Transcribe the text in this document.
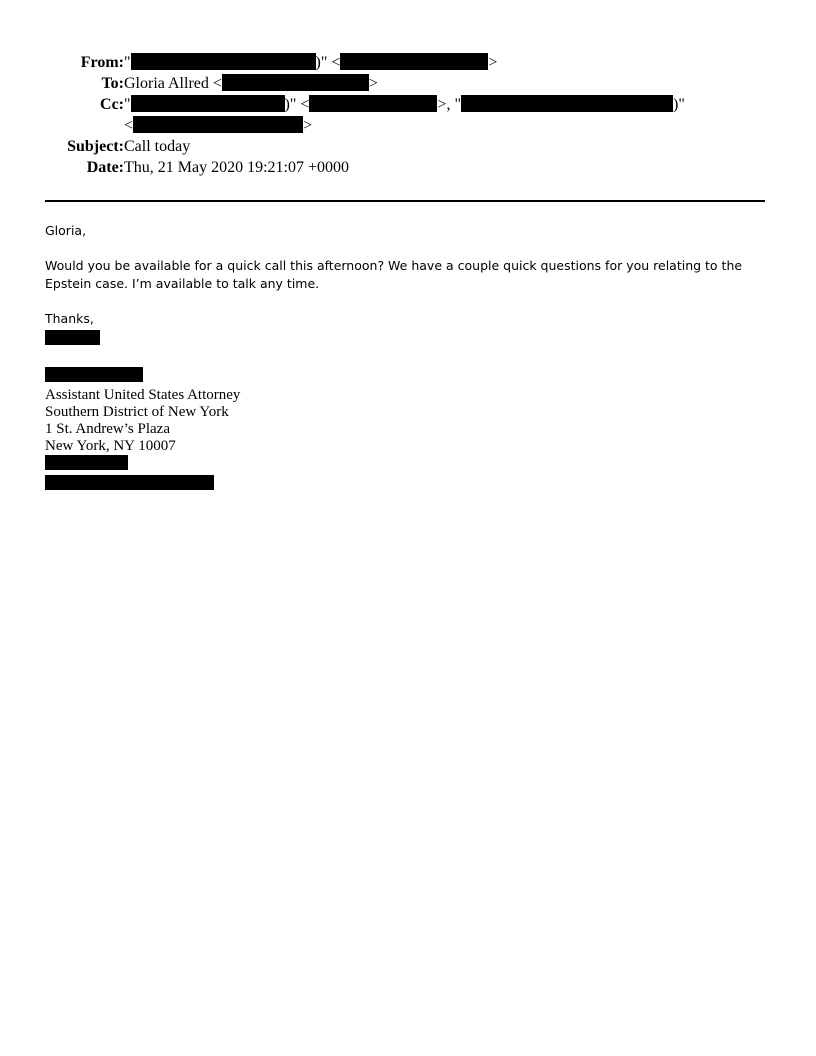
From: "	)" <	>
To: Gloria Allred <	>
Cc: "	)" <	>, "	)"
<	>
Subject: Call today
Date: Thu, 21 May 2020 19:21:07 +0000

Gloria,

Would you be available for a quick call this afternoon? We have a couple quick questions for you relating to the Epstein case. I’m available to talk any time.

Thanks,

Assistant United States Attorney
Southern District of New York
1 St. Andrew’s Plaza
New York, NY 10007
